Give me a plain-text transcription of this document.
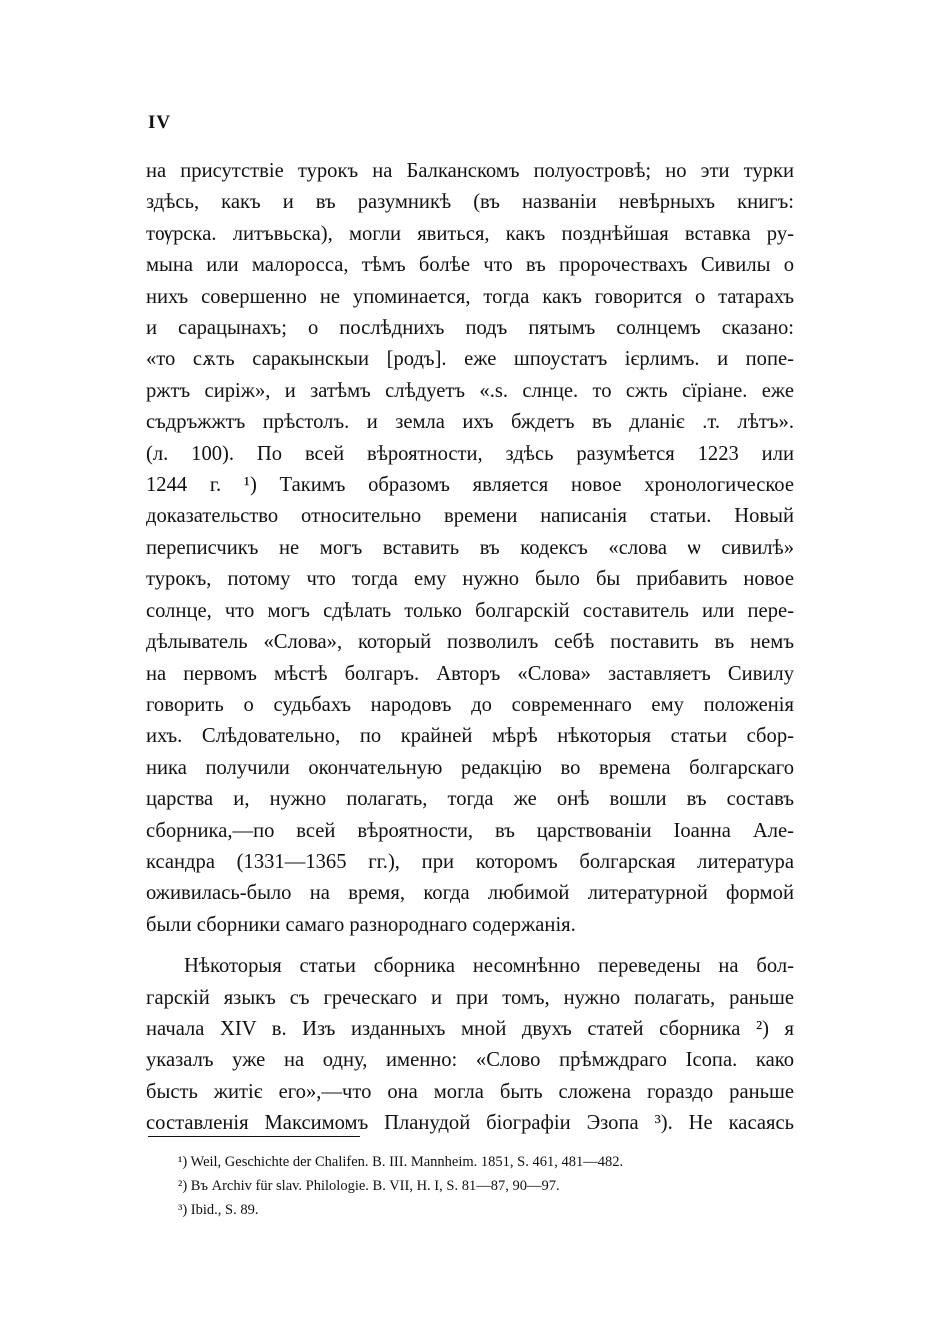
IV
на присутствіе турокъ на Балканскомъ полуостровѣ; но эти турки
здѣсь, какъ и въ разумникѣ (въ названіи невѣрныхъ книгъ:
тѹрска. литъвьска), могли явиться, какъ позднѣйшая вставка ру-
мына или малоросса, тѣмъ болѣе что въ пророчествахъ Сивилы о
нихъ совершенно не упоминается, тогда какъ говорится о татарахъ
и сарацынахъ; о послѣднихъ подъ пятымъ солнцемъ сказано:
«то сѫть саракынскыи [родъ]. еже шпоустатъ ієрлимъ. и попе-
ржтъ сиріж», и затѣмъ слѣдуетъ «.ѕ. слнце. то сжть сїріане. еже
съдръжжтъ прѣстолъ. и земла ихъ бждетъ въ дланіє .т. лѣтъ».
(л. 100). По всей вѣроятности, здѣсь разумѣется 1223 или
1244 г. ¹) Такимъ образомъ является новое хронологическое
доказательство относительно времени написанія статьи. Новый
переписчикъ не могъ вставить въ кодексъ «слова ѡ сивилѣ»
турокъ, потому что тогда ему нужно было бы прибавить новое
солнце, что могъ сдѣлать только болгарскій составитель или пере-
дѣлыватель «Слова», который позволилъ себѣ поставить въ немъ
на первомъ мѣстѣ болгаръ. Авторъ «Слова» заставляетъ Сивилу
говорить о судьбахъ народовъ до современнаго ему положенія
ихъ. Слѣдовательно, по крайней мѣрѣ нѣкоторыя статьи сбор-
ника получили окончательную редакцію во времена болгарскаго
царства и, нужно полагать, тогда же онѣ вошли въ составъ
сборника,—по всей вѣроятности, въ царствованіи Іоанна Але-
ксандра (1331—1365 гг.), при которомъ болгарская литература
оживилась-было на время, когда любимой литературной формой
были сборники самаго разнороднаго содержанія.
Нѣкоторыя статьи сборника несомнѣнно переведены на бол-
гарскій языкъ съ греческаго и при томъ, нужно полагать, раньше
начала XIV в. Изъ изданныхъ мной двухъ статей сборника ²) я
указалъ уже на одну, именно: «Слово прѣмждраго Ісопа. како
бысть житіє его»,—что она могла быть сложена гораздо раньше
составленія Максимомъ Планудой біографіи Эзопа ³). Не касаясь
¹) Weil, Geschichte der Chalifen. B. III. Mannheim. 1851, S. 461, 481—482.
²) Въ Archiv für slav. Philologie. B. VII, H. I, S. 81—87, 90—97.
³) Ibid., S. 89.
